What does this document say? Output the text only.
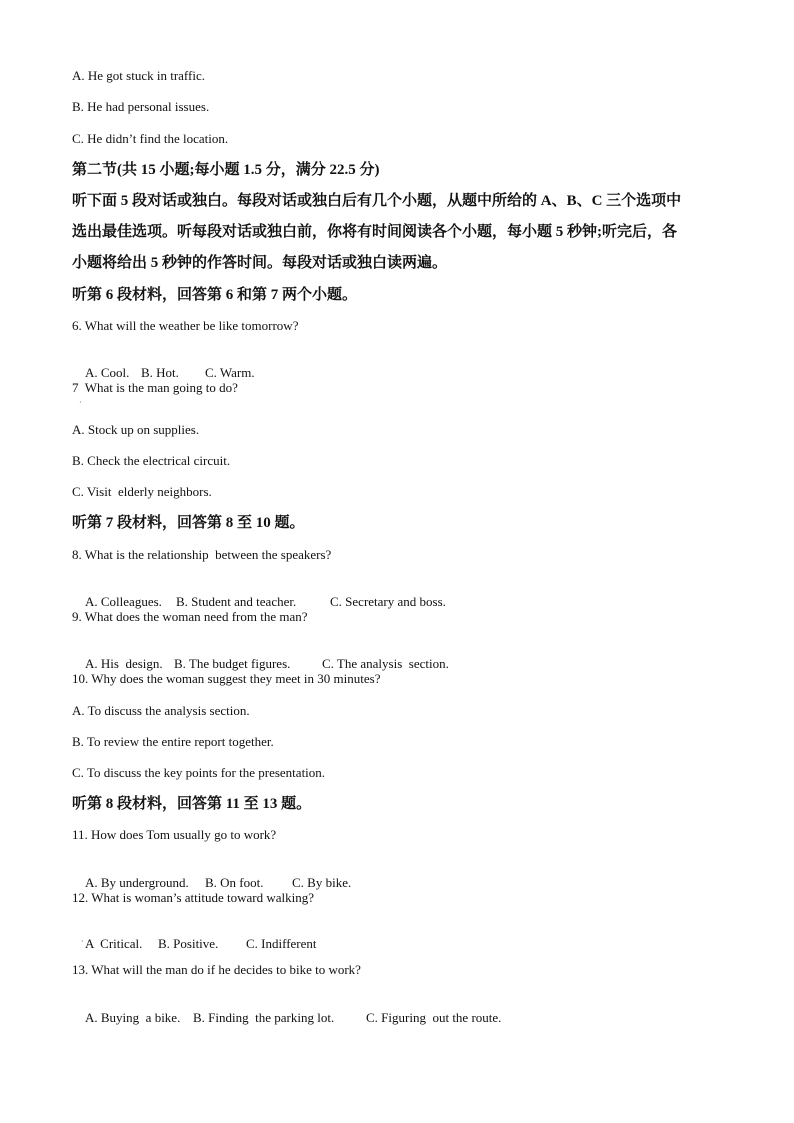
A. He got stuck in traffic.
B. He had personal issues.
C. He didn’t find the location.
第二节(共 15 小题;每小题 1.5 分，满分 22.5 分)
听下面 5 段对话或独白。每段对话或独白后有几个小题，从题中所给的 A、B、C 三个选项中
选出最佳选项。听每段对话或独白前，你将有时间阅读各个小题，每小题 5 秒钟;听完后，各
小题将给出 5 秒钟的作答时间。每段对话或独白读两遍。
听第 6 段材料，回答第 6 和第 7 两个小题。
6. What will the weather be like tomorrow?

A. Cool. B. Hot. C. Warm.

7  What is the man going to do?
·
A. Stock up on supplies.
B. Check the electrical circuit.
C. Visit  elderly neighbors.
听第 7 段材料，回答第 8 至 10 题。
8. What is the relationship  between the speakers?

A. Colleagues. B. Student and teacher.	C. Secretary and boss.

9. What does the woman need from the man?

A. His  design. B. The budget figures. C. The analysis  section.

10. Why does the woman suggest they meet in 30 minutes?
A. To discuss the analysis section.
B. To review the entire report together.
C. To discuss the key points for the presentation.
听第 8 段材料，回答第 11 至 13 题。
11. How does Tom usually go to work?

A. By underground. B. On foot. C. By bike.

12. What is woman’s attitude toward walking?

A  Critical. B. Positive. C. Indifferent

·
13. What will the man do if he decides to bike to work?

A. Buying  a bike. B. Finding  the parking lot. C. Figuring  out the route.
